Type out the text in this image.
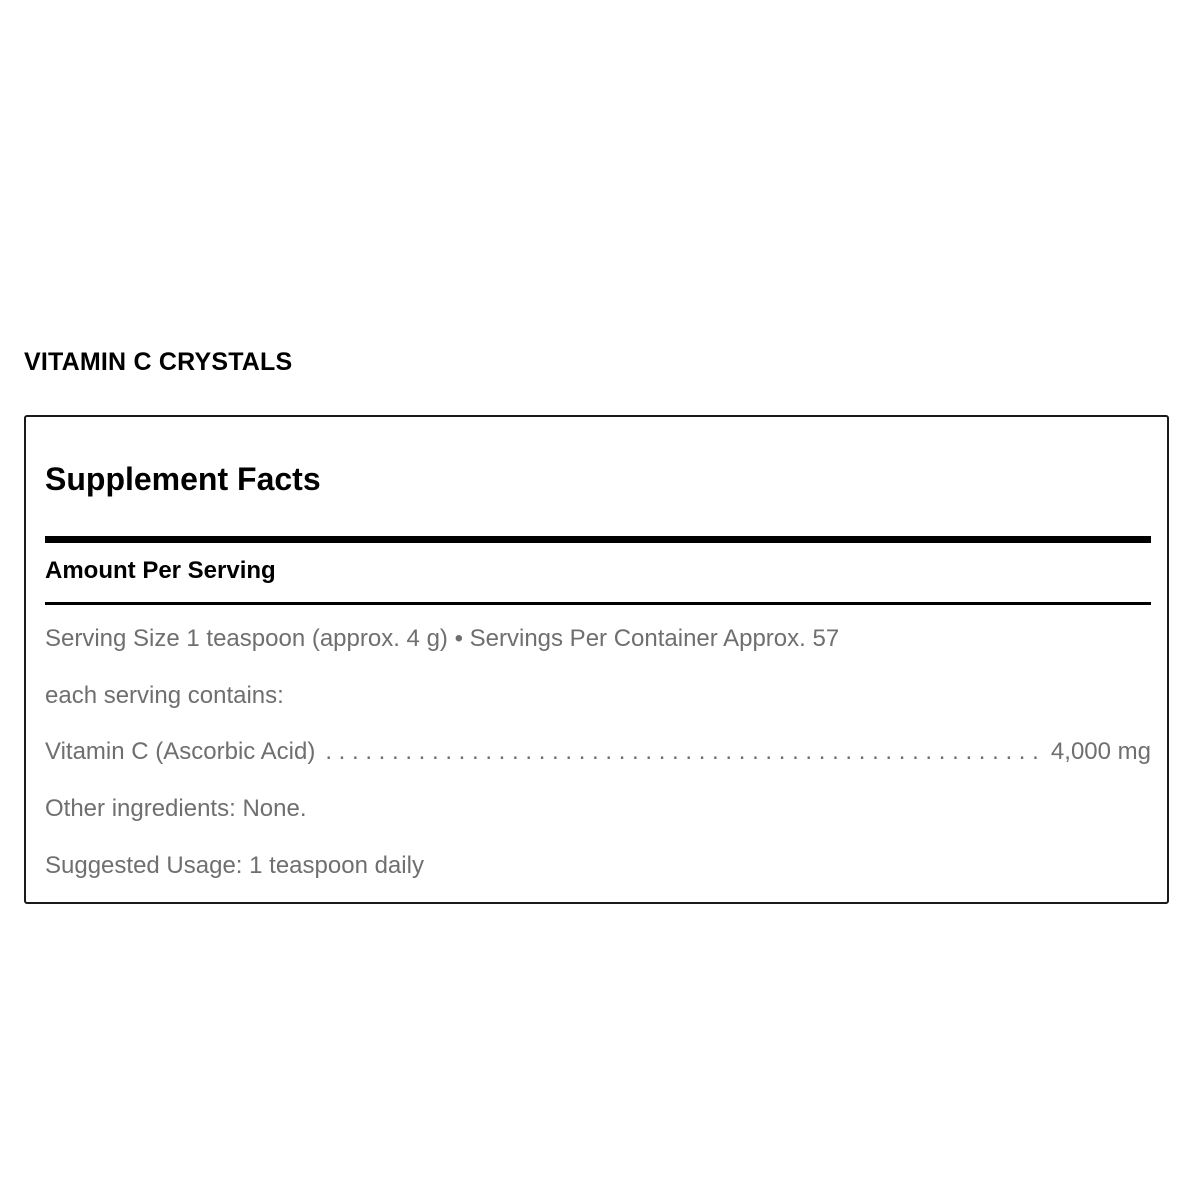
VITAMIN C CRYSTALS
Supplement Facts
Amount Per Serving
Serving Size 1 teaspoon (approx. 4 g) • Servings Per Container Approx. 57
each serving contains:
Vitamin C (Ascorbic Acid)
. . .	4,000 mg
Other ingredients: None.
Suggested Usage: 1 teaspoon daily
